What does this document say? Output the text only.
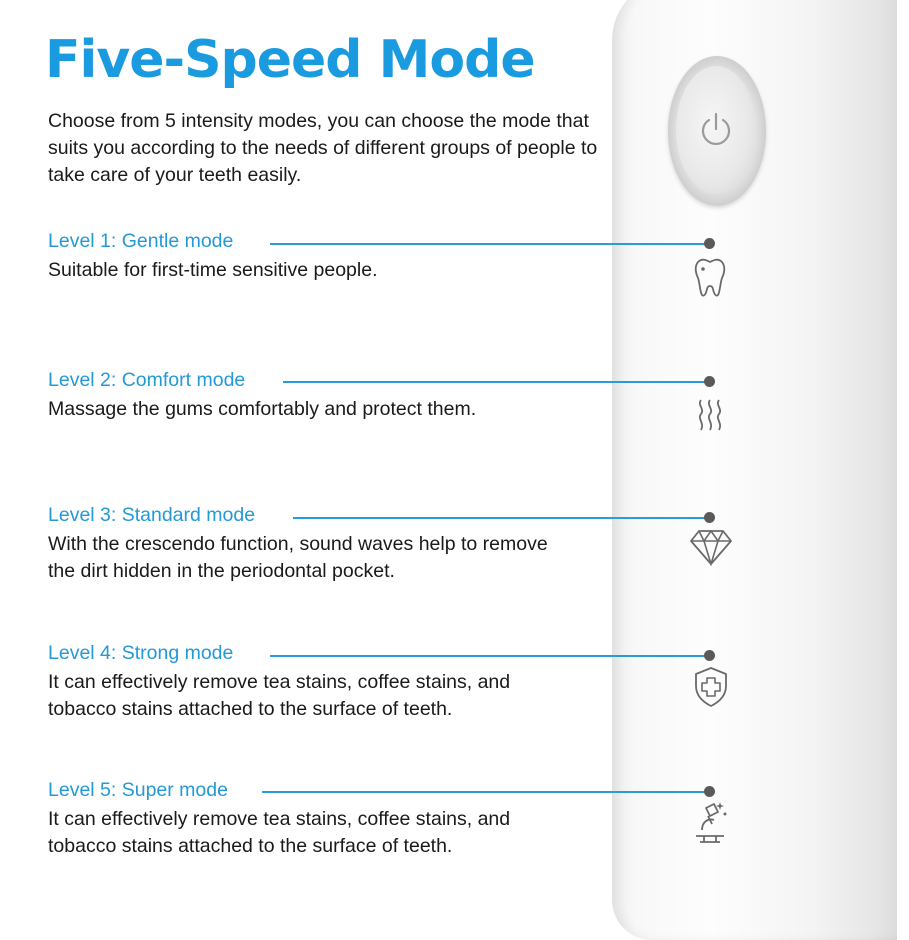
Five-Speed Mode
Choose from 5 intensity modes, you can choose the mode that suits you according to the needs of different groups of people to take care of your teeth easily.
Level 1: Gentle mode
Suitable for first-time sensitive people.
Level 2: Comfort mode
Massage the gums comfortably and protect them.
Level 3: Standard mode
With the crescendo function, sound waves help to remove the dirt hidden in the periodontal pocket.
Level 4: Strong mode
It can effectively remove tea stains, coffee stains, and tobacco stains attached to the surface of teeth.
Level 5: Super mode
It can effectively remove tea stains, coffee stains, and tobacco stains attached to the surface of teeth.
